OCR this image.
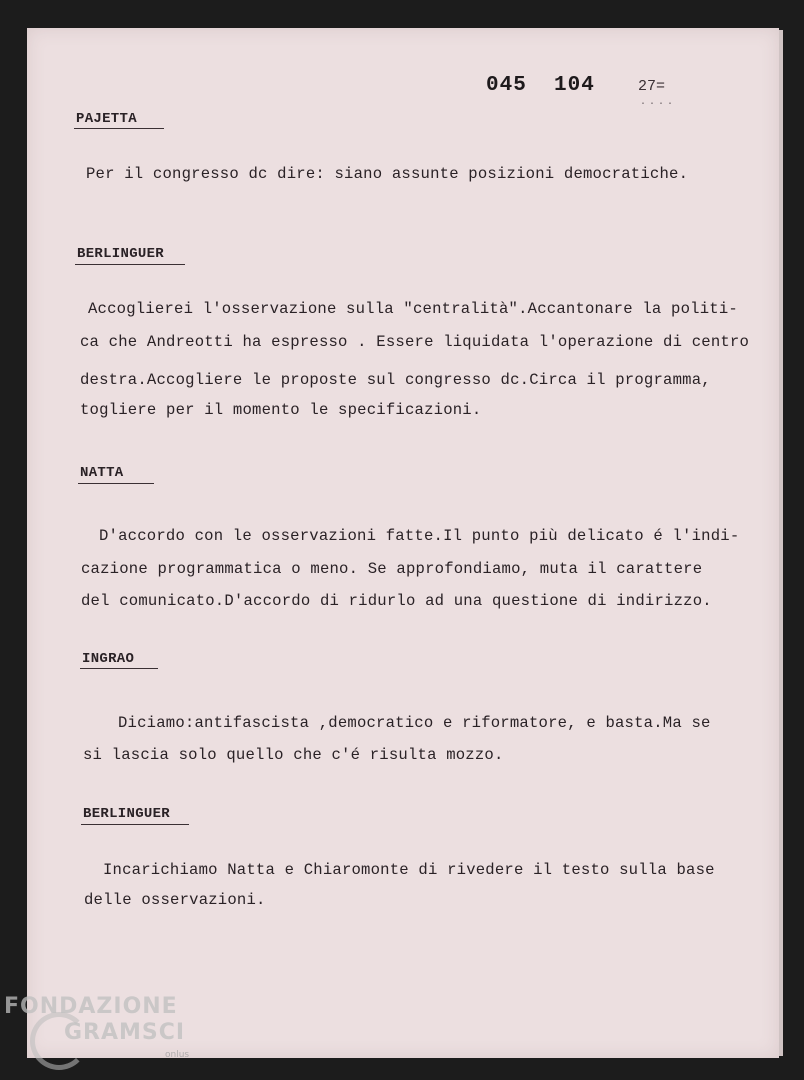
045 104	27=
....
PAJETTA
Per il congresso dc dire: siano assunte posizioni democratiche.
BERLINGUER
Accoglierei l'osservazione sulla "centralità".Accantonare la politi-
ca che Andreotti ha espresso . Essere liquidata l'operazione di centro
destra.Accogliere le proposte sul congresso dc.Circa il programma,
togliere per il momento le specificazioni.
NATTA
D'accordo con le osservazioni fatte.Il punto più delicato é l'indi-
cazione programmatica o meno. Se approfondiamo, muta il carattere
del comunicato.D'accordo di ridurlo ad una questione di indirizzo.
INGRAO
Diciamo:antifascista ,democratico e riformatore, e basta.Ma se
si lascia solo quello che c'é risulta mozzo.
BERLINGUER
Incarichiamo Natta e Chiaromonte di rivedere il testo sulla base
delle osservazioni.
FONDAZIONE
GRAMSCI
onlus
